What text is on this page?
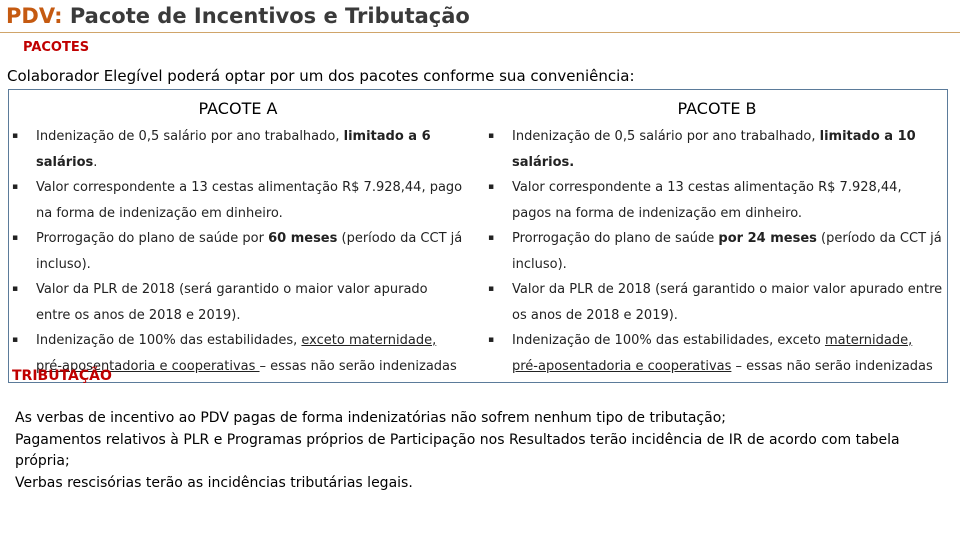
PDV: Pacote de Incentivos e Tributação
PACOTES
Colaborador Elegível poderá optar por um dos pacotes conforme sua conveniência:
PACOTE A	PACOTE B
▪ Indenização de 0,5 salário por ano trabalhado, limitado a 6 salários.
▪ Valor correspondente a 13 cestas alimentação R$ 7.928,44, pago na forma de indenização em dinheiro.
▪ Prorrogação do plano de saúde por 60 meses (período da CCT já incluso).
▪ Valor da PLR de 2018 (será garantido o maior valor apurado entre os anos de 2018 e 2019).
▪ Indenização de 100% das estabilidades, exceto maternidade, pré-aposentadoria e cooperativas – essas não serão indenizadas
▪ Indenização de 0,5 salário por ano trabalhado, limitado a 10 salários.
▪ Valor correspondente a 13 cestas alimentação R$ 7.928,44, pagos na forma de indenização em dinheiro.
▪ Prorrogação do plano de saúde por 24 meses (período da CCT já incluso).
▪ Valor da PLR de 2018 (será garantido o maior valor apurado entre os anos de 2018 e 2019).
▪ Indenização de 100% das estabilidades, exceto maternidade,
pré-aposentadoria e cooperativas – essas não serão indenizadas
TRIBUTAÇÃO

As verbas de incentivo ao PDV pagas de forma indenizatórias não sofrem nenhum tipo de tributação;

Pagamentos relativos à PLR e Programas próprios de Participação nos Resultados terão incidência de IR de acordo com tabela própria;

Verbas rescisórias terão as incidências tributárias legais.
